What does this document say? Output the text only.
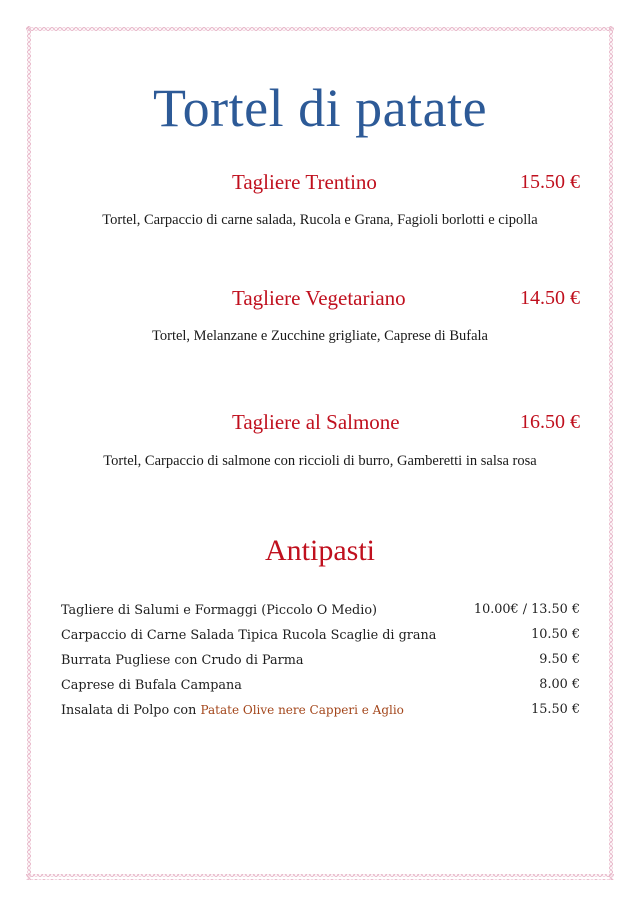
Tortel di patate
Tagliere Trentino	15.50 €
Tortel, Carpaccio di carne salada, Rucola e Grana, Fagioli borlotti e cipolla
Tagliere Vegetariano	14.50 €
Tortel, Melanzane e Zucchine grigliate, Caprese di Bufala
Tagliere al Salmone	16.50 €
Tortel, Carpaccio di salmone con riccioli di burro, Gamberetti in salsa rosa
Antipasti
Tagliere di Salumi e Formaggi (Piccolo O Medio)	10.00€ / 13.50 €
Carpaccio di Carne Salada Tipica Rucola Scaglie di grana	10.50 €
Burrata Pugliese con Crudo di Parma	9.50 €
Caprese di Bufala Campana	8.00 €
Insalata di Polpo con Patate Olive nere Capperi e Aglio	15.50 €
